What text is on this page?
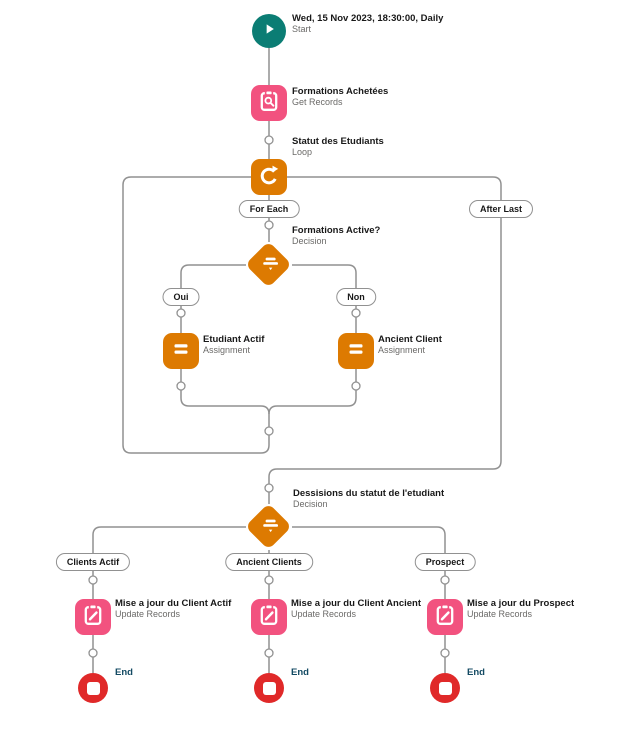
Wed, 15 Nov 2023, 18:30:00, Daily
Start
Formations Achetées
Get Records
Statut des Etudiants
Loop
For Each	After Last
Formations Active?
Decision
Oui	Non
Etudiant Actif
Assignment
Ancient Client
Assignment
Dessisions du statut de l'etudiant
Decision
Clients Actif	Ancient Clients	Prospect
Mise a jour du Client Actif
Update Records
Mise a jour du Client Ancient
Update Records
Mise a jour du Prospect
Update Records
End	End	End
